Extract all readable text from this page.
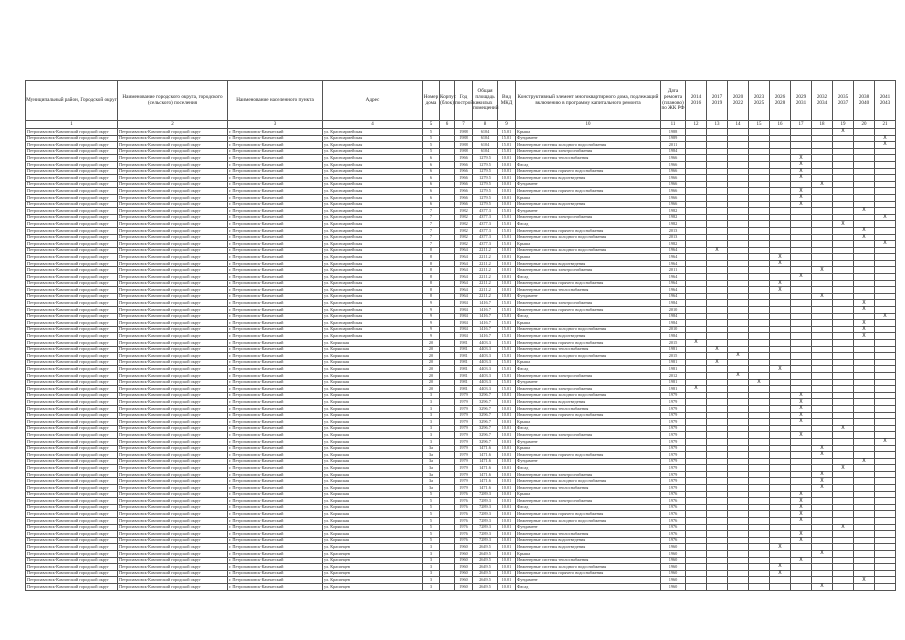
Муниципальный район, Городской округ	Наименование городского округа, городского (сельского) поселения	Наименование населенного пункта	Адрес	Номер дома	Корпус (блок)	Год постройки	Общая площадь жилых помещений	Вид МКД	Конструктивный элемент многоквартирного дома, подлежащий включению в программу капитального ремонта	Дата ремонта (планово) по ЖК РФ	2014 2016	2017 2019	2020 2022	2023 2025	2026 2028	2029 2031	2032 2034	2035 2037	2038 2040	2041 2043
1	2	3	4	5	6	7	8	9	10	11	12	13	14	15	16	17	18	19	20	21
Петропавловск-Камчатский городской округ	Петропавловск-Камчатский городской округ	г. Петропавловск-Камчатский	ул. Красноармейская	5		1988	6104	15.01	Крыша	1988								X		
Петропавловск-Камчатский городской округ	Петропавловск-Камчатский городской округ	г. Петропавловск-Камчатский	ул. Красноармейская	5		1988	6104	15.01	Фундамент	1989										X
Петропавловск-Камчатский городской округ	Петропавловск-Камчатский городской округ	г. Петропавловск-Камчатский	ул. Красноармейская	5		1988	6104	15.01	Инженерные системы холодного водоснабжения	2011										X
Петропавловск-Камчатский городской округ	Петропавловск-Камчатский городской округ	г. Петропавловск-Камчатский	ул. Красноармейская	5		1988	6104	15.01	Инженерные системы электроснабжения	1984										
Петропавловск-Камчатский городской округ	Петропавловск-Камчатский городской округ	г. Петропавловск-Камчатский	ул. Красноармейская	6		1966	1279.5	10.01	Инженерные системы теплоснабжения	1966						X				
Петропавловск-Камчатский городской округ	Петропавловск-Камчатский городской округ	г. Петропавловск-Камчатский	ул. Красноармейская	6		1966	1279.5	10.01	Фасад	1966						X				
Петропавловск-Камчатский городской округ	Петропавловск-Камчатский городской округ	г. Петропавловск-Камчатский	ул. Красноармейская	6		1966	1279.5	10.01	Инженерные системы горячего водоснабжения	1966						X				
Петропавловск-Камчатский городской округ	Петропавловск-Камчатский городской округ	г. Петропавловск-Камчатский	ул. Красноармейская	6		1966	1279.5	10.01	Инженерные системы водоотведения	1966						X				
Петропавловск-Камчатский городской округ	Петропавловск-Камчатский городской округ	г. Петропавловск-Камчатский	ул. Красноармейская	6		1966	1279.5	10.01	Фундамент	1966							X			
Петропавловск-Камчатский городской округ	Петропавловск-Камчатский городской округ	г. Петропавловск-Камчатский	ул. Красноармейская	6		1966	1279.5	10.01	Инженерные системы горячего водоснабжения	1966						X				
Петропавловск-Камчатский городской округ	Петропавловск-Камчатский городской округ	г. Петропавловск-Камчатский	ул. Красноармейская	6		1966	1279.5	10.01	Крыша	1966						X				
Петропавловск-Камчатский городской округ	Петропавловск-Камчатский городской округ	г. Петропавловск-Камчатский	ул. Красноармейская	6		1966	1279.5	10.01	Инженерные системы водоотведения	1966						X				
Петропавловск-Камчатский городской округ	Петропавловск-Камчатский городской округ	г. Петропавловск-Камчатский	ул. Красноармейская	7		1982	4377.3	15.01	Фундамент	1982									X	
Петропавловск-Камчатский городской округ	Петропавловск-Камчатский городской округ	г. Петропавловск-Камчатский	ул. Красноармейская	7		1982	4377.3	15.01	Инженерные системы электроснабжения	1982										X
Петропавловск-Камчатский городской округ	Петропавловск-Камчатский городской округ	г. Петропавловск-Камчатский	ул. Красноармейская	7		1982	4377.3	15.01	Фасад	1982								X		
Петропавловск-Камчатский городской округ	Петропавловск-Камчатский городской округ	г. Петропавловск-Камчатский	ул. Красноармейская	7		1982	4377.3	15.01	Инженерные системы горячего водоснабжения	2013									X	
Петропавловск-Камчатский городской округ	Петропавловск-Камчатский городской округ	г. Петропавловск-Камчатский	ул. Красноармейская	7		1982	4377.3	15.01	Инженерные системы холодного водоснабжения	2013									X	
Петропавловск-Камчатский городской округ	Петропавловск-Камчатский городской округ	г. Петропавловск-Камчатский	ул. Красноармейская	7		1982	4377.3	15.01	Крыша	1982										X
Петропавловск-Камчатский городской округ	Петропавловск-Камчатский городской округ	г. Петропавловск-Камчатский	ул. Красноармейская	8		1964	2211.2	10.01	Инженерные системы холодного водоснабжения	1964		X								
Петропавловск-Камчатский городской округ	Петропавловск-Камчатский городской округ	г. Петропавловск-Камчатский	ул. Красноармейская	8		1964	2211.2	10.01	Крыша	1964					X					
Петропавловск-Камчатский городской округ	Петропавловск-Камчатский городской округ	г. Петропавловск-Камчатский	ул. Красноармейская	8		1964	2211.2	10.01	Инженерные системы водоотведения	1964					X					
Петропавловск-Камчатский городской округ	Петропавловск-Камчатский городской округ	г. Петропавловск-Камчатский	ул. Красноармейская	8		1964	2211.2	10.01	Инженерные системы электроснабжения	2011							X			
Петропавловск-Камчатский городской округ	Петропавловск-Камчатский городской округ	г. Петропавловск-Камчатский	ул. Красноармейская	8		1964	2211.2	10.01	Фасад	1964						X				
Петропавловск-Камчатский городской округ	Петропавловск-Камчатский городской округ	г. Петропавловск-Камчатский	ул. Красноармейская	8		1964	2211.2	10.01	Инженерные системы горячего водоснабжения	1964					X					
Петропавловск-Камчатский городской округ	Петропавловск-Камчатский городской округ	г. Петропавловск-Камчатский	ул. Красноармейская	8		1964	2211.2	10.01	Инженерные системы теплоснабжения	1964					X					
Петропавловск-Камчатский городской округ	Петропавловск-Камчатский городской округ	г. Петропавловск-Камчатский	ул. Красноармейская	8		1964	2211.2	10.01	Фундамент	1964							X			
Петропавловск-Камчатский городской округ	Петропавловск-Камчатский городской округ	г. Петропавловск-Камчатский	ул. Красноармейская	9		1984	1416.7	15.01	Инженерные системы электроснабжения	1984									X	
Петропавловск-Камчатский городской округ	Петропавловск-Камчатский городской округ	г. Петропавловск-Камчатский	ул. Красноармейская	9		1984	1416.7	15.01	Инженерные системы горячего водоснабжения	2010									X	
Петропавловск-Камчатский городской округ	Петропавловск-Камчатский городской округ	г. Петропавловск-Камчатский	ул. Красноармейская	9		1984	1416.7	15.01	Фасад	1984										X
Петропавловск-Камчатский городской округ	Петропавловск-Камчатский городской округ	г. Петропавловск-Камчатский	ул. Красноармейская	9		1984	1416.7	15.01	Крыша	1984									X	
Петропавловск-Камчатский городской округ	Петропавловск-Камчатский городской округ	г. Петропавловск-Камчатский	ул. Красноармейская	9		1984	1416.7	15.01	Инженерные системы холодного водоснабжения	2010									X	
Петропавловск-Камчатский городской округ	Петропавловск-Камчатский городской округ	г. Петропавловск-Камчатский	ул. Красноармейская	9		1984	1416.7	15.01	Инженерные системы водоотведения	1984									X	
Петропавловск-Камчатский городской округ	Петропавловск-Камчатский городской округ	г. Петропавловск-Камчатский	ул. Корякская	20		1981	4403.3	15.01	Инженерные системы горячего водоснабжения	2015	X									
Петропавловск-Камчатский городской округ	Петропавловск-Камчатский городской округ	г. Петропавловск-Камчатский	ул. Корякская	20		1981	4403.3	15.01	Инженерные системы теплоснабжения	1981		X								
Петропавловск-Камчатский городской округ	Петропавловск-Камчатский городской округ	г. Петропавловск-Камчатский	ул. Корякская	20		1981	4403.3	15.01	Инженерные системы холодного водоснабжения	2015			X							
Петропавловск-Камчатский городской округ	Петропавловск-Камчатский городской округ	г. Петропавловск-Камчатский	ул. Корякская	20		1981	4403.3	15.01	Крыша	1981		X								
Петропавловск-Камчатский городской округ	Петропавловск-Камчатский городской округ	г. Петропавловск-Камчатский	ул. Корякская	20		1981	4403.3	15.01	Фасад	1981					X					
Петропавловск-Камчатский городской округ	Петропавловск-Камчатский городской округ	г. Петропавловск-Камчатский	ул. Корякская	20		1981	4403.3	15.01	Инженерные системы электроснабжения	2012			X							
Петропавловск-Камчатский городской округ	Петропавловск-Камчатский городской округ	г. Петропавловск-Камчатский	ул. Корякская	20		1981	4403.3	15.01	Фундамент	1981				X						
Петропавловск-Камчатский городской округ	Петропавловск-Камчатский городской округ	г. Петропавловск-Камчатский	ул. Корякская	20		1981	4403.3	15.01	Инженерные системы электроснабжения	1981	X									
Петропавловск-Камчатский городской округ	Петропавловск-Камчатский городской округ	г. Петропавловск-Камчатский	ул. Корякская	3		1979	3296.7	10.01	Инженерные системы холодного водоснабжения	1979						X				
Петропавловск-Камчатский городской округ	Петропавловск-Камчатский городской округ	г. Петропавловск-Камчатский	ул. Корякская	3		1979	3296.7	10.01	Инженерные системы водоотведения	1979						X				
Петропавловск-Камчатский городской округ	Петропавловск-Камчатский городской округ	г. Петропавловск-Камчатский	ул. Корякская	3		1979	3296.7	10.01	Инженерные системы теплоснабжения	1979						X				
Петропавловск-Камчатский городской округ	Петропавловск-Камчатский городской округ	г. Петропавловск-Камчатский	ул. Корякская	3		1979	3296.7	10.01	Инженерные системы горячего водоснабжения	1979						X				
Петропавловск-Камчатский городской округ	Петропавловск-Камчатский городской округ	г. Петропавловск-Камчатский	ул. Корякская	3		1979	3296.7	10.01	Крыша	1979						X				
Петропавловск-Камчатский городской округ	Петропавловск-Камчатский городской округ	г. Петропавловск-Камчатский	ул. Корякская	3		1979	3296.7	10.01	Фасад	1979								X		
Петропавловск-Камчатский городской округ	Петропавловск-Камчатский городской округ	г. Петропавловск-Камчатский	ул. Корякская	3		1979	3296.7	10.01	Инженерные системы электроснабжения	1979						X				
Петропавловск-Камчатский городской округ	Петропавловск-Камчатский городской округ	г. Петропавловск-Камчатский	ул. Корякская	3		1979	3296.7	10.01	Фундамент	1979										X
Петропавловск-Камчатский городской округ	Петропавловск-Камчатский городской округ	г. Петропавловск-Камчатский	ул. Корякская	3а		1979	1471.6	10.01	Крыша	1979							X			
Петропавловск-Камчатский городской округ	Петропавловск-Камчатский городской округ	г. Петропавловск-Камчатский	ул. Корякская	3а		1979	1471.6	10.01	Инженерные системы горячего водоснабжения	1979							X			
Петропавловск-Камчатский городской округ	Петропавловск-Камчатский городской округ	г. Петропавловск-Камчатский	ул. Корякская	3а		1979	1471.6	10.01	Фундамент	1979									X	
Петропавловск-Камчатский городской округ	Петропавловск-Камчатский городской округ	г. Петропавловск-Камчатский	ул. Корякская	3а		1979	1471.6	10.01	Фасад	1979								X		
Петропавловск-Камчатский городской округ	Петропавловск-Камчатский городской округ	г. Петропавловск-Камчатский	ул. Корякская	3а		1979	1471.6	10.01	Инженерные системы электроснабжения	1979							X			
Петропавловск-Камчатский городской округ	Петропавловск-Камчатский городской округ	г. Петропавловск-Камчатский	ул. Корякская	3а		1979	1471.6	10.01	Инженерные системы холодного водоснабжения	1979							X			
Петропавловск-Камчатский городской округ	Петропавловск-Камчатский городской округ	г. Петропавловск-Камчатский	ул. Корякская	3а		1979	1471.6	10.01	Инженерные системы теплоснабжения	1979							X			
Петропавловск-Камчатский городской округ	Петропавловск-Камчатский городской округ	г. Петропавловск-Камчатский	ул. Корякская	5		1976	7289.3	10.01	Крыша	1976						X				
Петропавловск-Камчатский городской округ	Петропавловск-Камчатский городской округ	г. Петропавловск-Камчатский	ул. Корякская	5		1976	7289.3	10.01	Инженерные системы электроснабжения	1976						X				
Петропавловск-Камчатский городской округ	Петропавловск-Камчатский городской округ	г. Петропавловск-Камчатский	ул. Корякская	5		1976	7289.3	10.01	Фасад	1976						X				
Петропавловск-Камчатский городской округ	Петропавловск-Камчатский городской округ	г. Петропавловск-Камчатский	ул. Корякская	5		1976	7289.3	10.01	Инженерные системы горячего водоснабжения	1976						X				
Петропавловск-Камчатский городской округ	Петропавловск-Камчатский городской округ	г. Петропавловск-Камчатский	ул. Корякская	5		1976	7289.3	10.01	Инженерные системы холодного водоснабжения	1976						X				
Петропавловск-Камчатский городской округ	Петропавловск-Камчатский городской округ	г. Петропавловск-Камчатский	ул. Корякская	5		1976	7289.3	10.01	Фундамент	1976								X		
Петропавловск-Камчатский городской округ	Петропавловск-Камчатский городской округ	г. Петропавловск-Камчатский	ул. Корякская	5		1976	7289.3	10.01	Инженерные системы теплоснабжения	1976						X				
Петропавловск-Камчатский городской округ	Петропавловск-Камчатский городской округ	г. Петропавловск-Камчатский	ул. Корякская	5		1976	7289.3	10.01	Инженерные системы водоотведения	1976						X				
Петропавловск-Камчатский городской округ	Петропавловск-Камчатский городской округ	г. Петропавловск-Камчатский	ул. Красинцев	3		1960	2649.5	10.01	Инженерные системы водоотведения	1960					X					
Петропавловск-Камчатский городской округ	Петропавловск-Камчатский городской округ	г. Петропавловск-Камчатский	ул. Красинцев	3		1960	2649.5	10.01	Крыша	1960							X			
Петропавловск-Камчатский городской округ	Петропавловск-Камчатский городской округ	г. Петропавловск-Камчатский	ул. Красинцев	3		1960	2649.5	10.01	Инженерные системы теплоснабжения	1960						X				
Петропавловск-Камчатский городской округ	Петропавловск-Камчатский городской округ	г. Петропавловск-Камчатский	ул. Красинцев	3		1960	2649.5	10.01	Инженерные системы холодного водоснабжения	1960					X					
Петропавловск-Камчатский городской округ	Петропавловск-Камчатский городской округ	г. Петропавловск-Камчатский	ул. Красинцев	3		1960	2649.5	10.01	Инженерные системы горячего водоснабжения	1960					X					
Петропавловск-Камчатский городской округ	Петропавловск-Камчатский городской округ	г. Петропавловск-Камчатский	ул. Красинцев	3		1960	2649.5	10.01	Фундамент	1960									X	
Петропавловск-Камчатский городской округ	Петропавловск-Камчатский городской округ	г. Петропавловск-Камчатский	ул. Красинцев	3		1960	2649.5	10.01	Фасад	1960							X			
